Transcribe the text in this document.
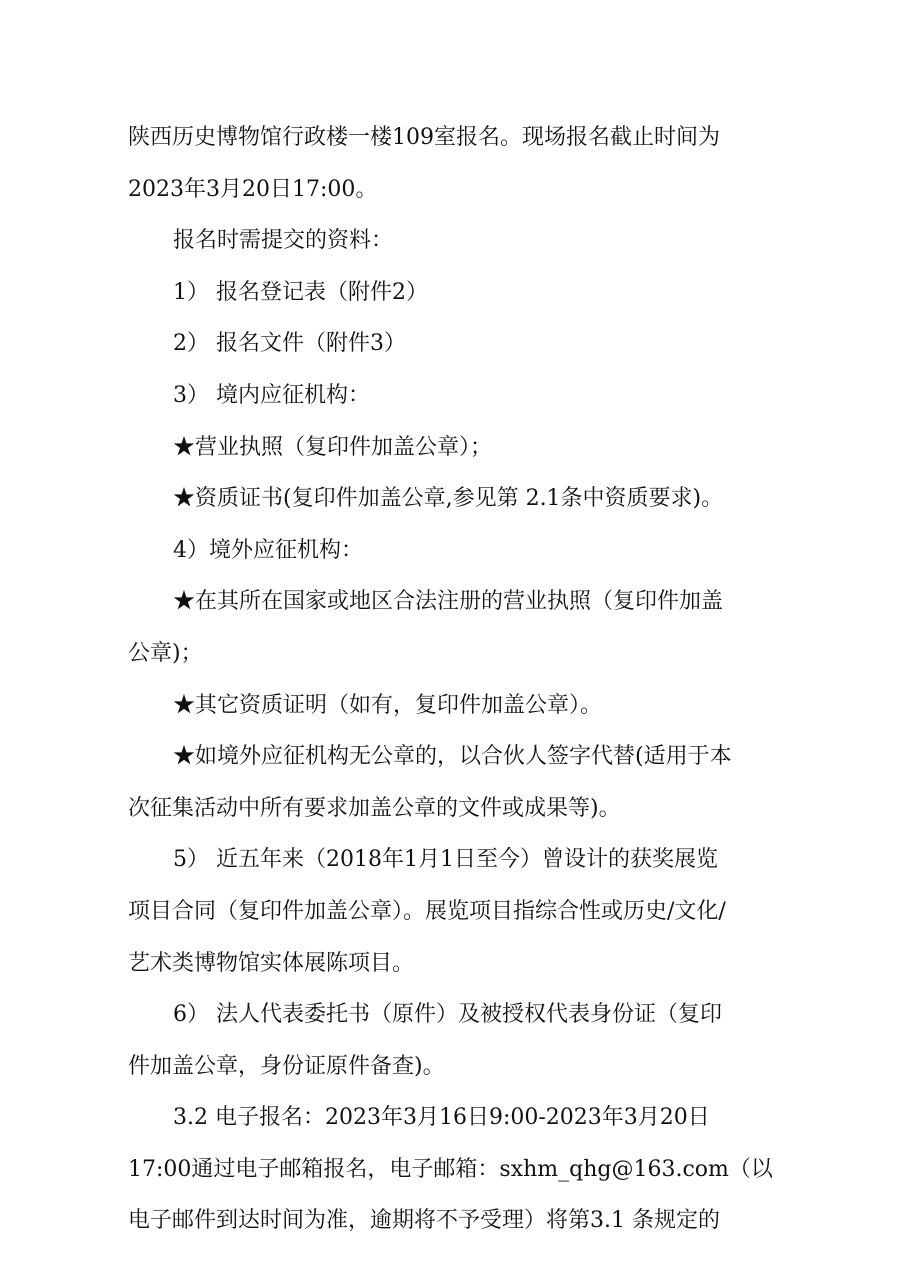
陕西历史博物馆行政楼一楼109室报名。现场报名截止时间为
2023年3月20日17:00。
报名时需提交的资料：
1） 报名登记表（附件2）
2） 报名文件（附件3）
3） 境内应征机构：
★营业执照（复印件加盖公章）；
★资质证书(复印件加盖公章,参见第 2.1条中资质要求)。
4）境外应征机构：
★在其所在国家或地区合法注册的营业执照（复印件加盖
公章)；
★其它资质证明（如有，复印件加盖公章）。
★如境外应征机构无公章的，以合伙人签字代替(适用于本
次征集活动中所有要求加盖公章的文件或成果等)。
5） 近五年来（2018年1月1日至今）曾设计的获奖展览
项目合同（复印件加盖公章）。展览项目指综合性或历史/文化/
艺术类博物馆实体展陈项目。
6） 法人代表委托书（原件）及被授权代表身份证（复印
件加盖公章，身份证原件备查)。
3.2 电子报名：2023年3月16日9:00-2023年3月20日
17:00通过电子邮箱报名，电子邮箱：sxhm_qhg@163.com（以
电子邮件到达时间为准，逾期将不予受理）将第3.1 条规定的
